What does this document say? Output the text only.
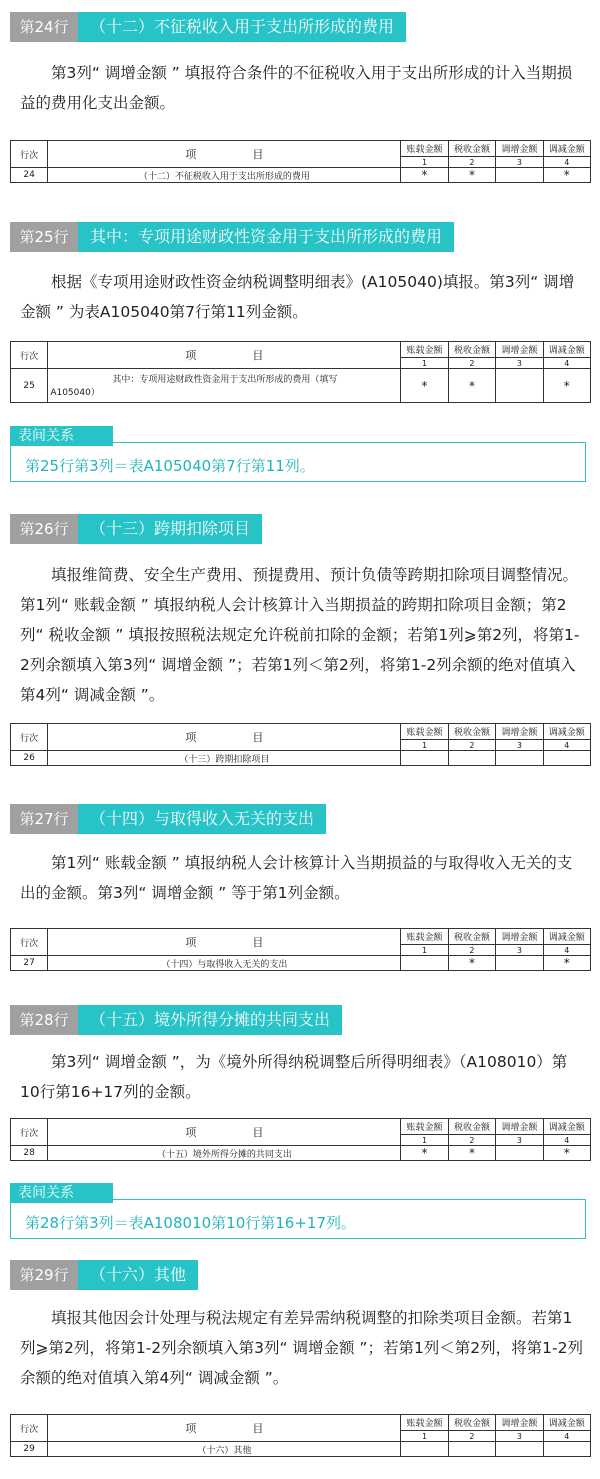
第24行	（十二）不征税收入用于支出所形成的费用
第3列“ 调增金额 ” 填报符合条件的不征税收入用于支出所形成的计入当期损益的费用化支出金额。
行次	项 目	账载金额	税收金额	调增金额	调减金额
		1	2	3	4
24	（十二）不征税收入用于支出所形成的费用	*	*		*
第25行	其中：专项用途财政性资金用于支出所形成的费用
根据《专项用途财政性资金纳税调整明细表》(A105040)填报。第3列“ 调增金额 ” 为表A105040第7行第11列金额。
行次	项 目	账载金额	税收金额	调增金额	调减金额
		1	2	3	4
25	其中：专项用途财政性资金用于支出所形成的费用（填写
A105040）	*	*		*
第25行第3列＝表A105040第7行第11列。
表间关系
第26行	（十三）跨期扣除项目
填报维简费、安全生产费用、预提费用、预计负债等跨期扣除项目调整情况。第1列“ 账载金额 ” 填报纳税人会计核算计入当期损益的跨期扣除项目金额；第2列“ 税收金额 ” 填报按照税法规定允许税前扣除的金额；若第1列⩾第2列，将第1-2列余额填入第3列“ 调增金额 ”；若第1列＜第2列，将第1-2列余额的绝对值填入第4列“ 调减金额 ”。
行次	项 目	账载金额	税收金额	调增金额	调减金额
		1	2	3	4
26	（十三）跨期扣除项目				
第27行	（十四）与取得收入无关的支出
第1列“ 账载金额 ” 填报纳税人会计核算计入当期损益的与取得收入无关的支出的金额。第3列“ 调增金额 ” 等于第1列金额。
行次	项 目	账载金额	税收金额	调增金额	调减金额
		1	2	3	4
27	（十四）与取得收入无关的支出		*		*
第28行	（十五）境外所得分摊的共同支出
第3列“ 调增金额 ”，为《境外所得纳税调整后所得明细表》（A108010）第10行第16+17列的金额。
行次	项 目	账载金额	税收金额	调增金额	调减金额
		1	2	3	4
28	（十五）境外所得分摊的共同支出	*	*		*
第28行第3列＝表A108010第10行第16+17列。
表间关系
第29行	（十六）其他
填报其他因会计处理与税法规定有差异需纳税调整的扣除类项目金额。若第1列⩾第2列，将第1-2列余额填入第3列“ 调增金额 ”；若第1列＜第2列，将第1-2列余额的绝对值填入第4列“ 调减金额 ”。
行次	项 目	账载金额	税收金额	调增金额	调减金额
		1	2	3	4
29	（十六）其他				
